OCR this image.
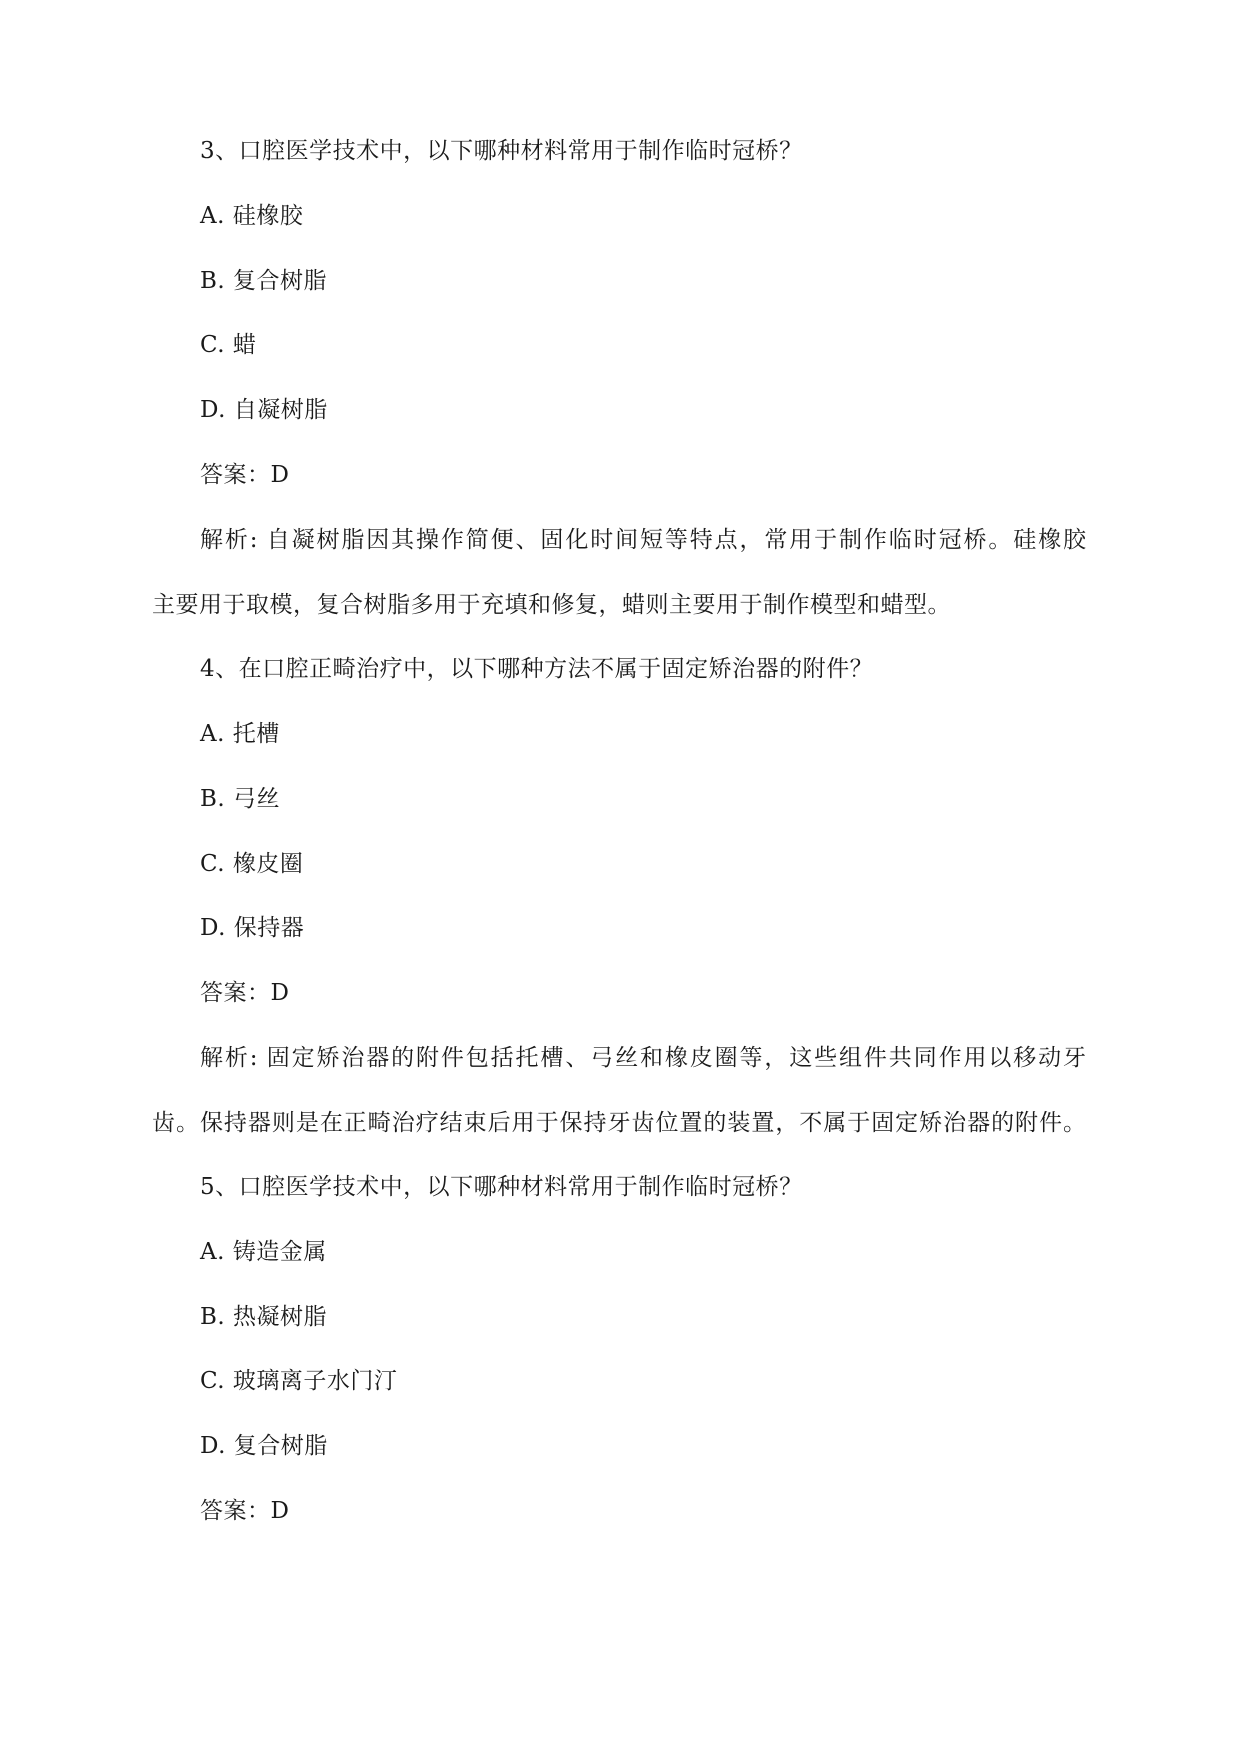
3、口腔医学技术中，以下哪种材料常用于制作临时冠桥？
A. 硅橡胶
B. 复合树脂
C. 蜡
D. 自凝树脂
答案：D
解析: 自凝树脂因其操作简便、固化时间短等特点，常用于制作临时冠桥。硅橡胶
主要用于取模，复合树脂多用于充填和修复，蜡则主要用于制作模型和蜡型。
4、在口腔正畸治疗中，以下哪种方法不属于固定矫治器的附件？
A. 托槽
B. 弓丝
C. 橡皮圈
D. 保持器
答案：D
解析: 固定矫治器的附件包括托槽、弓丝和橡皮圈等，这些组件共同作用以移动牙
齿。保持器则是在正畸治疗结束后用于保持牙齿位置的装置，不属于固定矫治器的附件。
5、口腔医学技术中，以下哪种材料常用于制作临时冠桥？
A. 铸造金属
B. 热凝树脂
C. 玻璃离子水门汀
D. 复合树脂
答案：D
